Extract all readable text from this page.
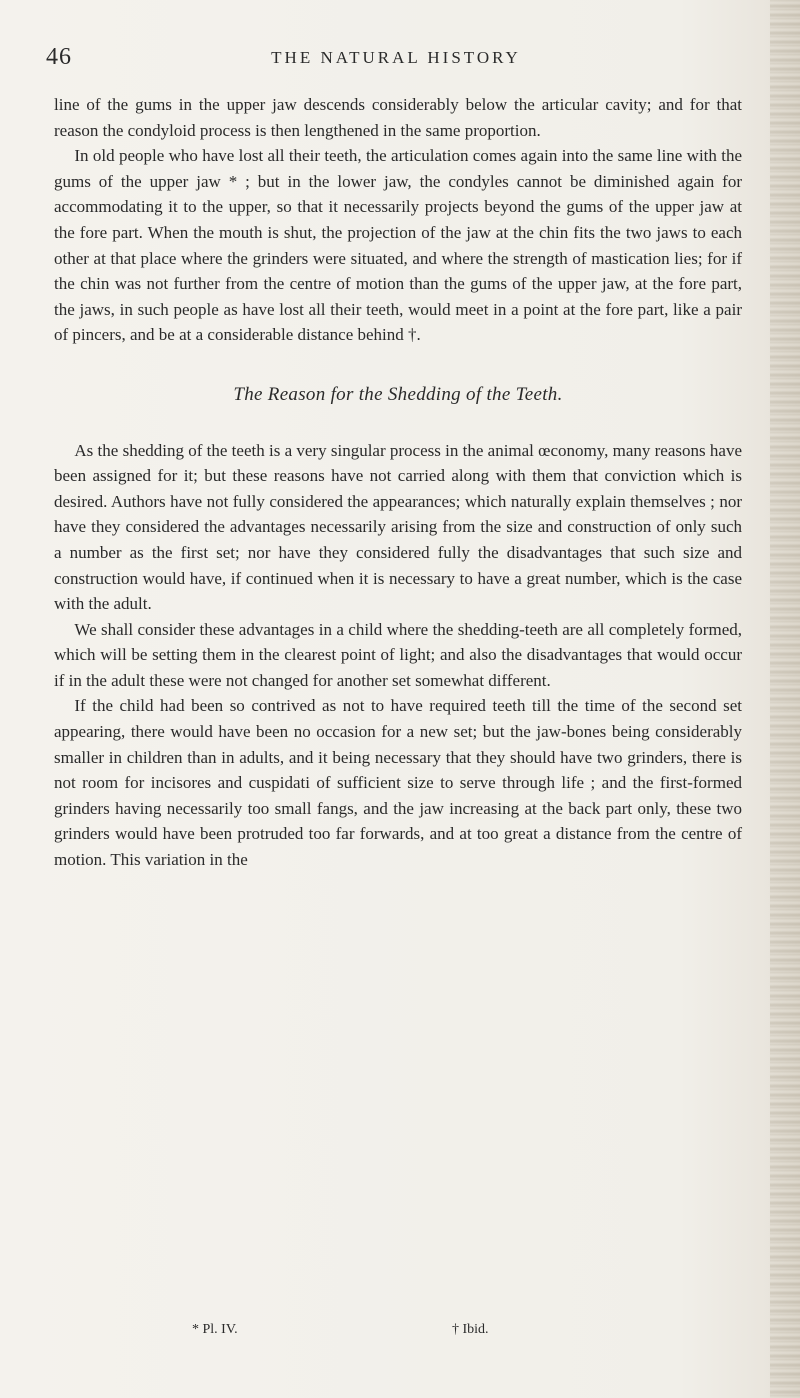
46	THE NATURAL HISTORY

line of the gums in the upper jaw descends considerably below the articular cavity; and for that reason the condyloid process is then lengthened in the same proportion.

In old people who have lost all their teeth, the articulation comes again into the same line with the gums of the upper jaw * ; but in the lower jaw, the condyles cannot be diminished again for accommodating it to the upper, so that it necessarily projects beyond the gums of the upper jaw at the fore part. When the mouth is shut, the projection of the jaw at the chin fits the two jaws to each other at that place where the grinders were situated, and where the strength of mastication lies; for if the chin was not further from the centre of motion than the gums of the upper jaw, at the fore part, the jaws, in such people as have lost all their teeth, would meet in a point at the fore part, like a pair of pincers, and be at a considerable distance behind †.

The Reason for the Shedding of the Teeth.

As the shedding of the teeth is a very singular process in the animal œconomy, many reasons have been assigned for it; but these reasons have not carried along with them that conviction which is desired. Authors have not fully considered the appearances; which naturally explain themselves ; nor have they considered the advantages necessarily arising from the size and construction of only such a number as the first set; nor have they considered fully the disadvantages that such size and construction would have, if continued when it is necessary to have a great number, which is the case with the adult.

We shall consider these advantages in a child where the shedding-teeth are all completely formed, which will be setting them in the clearest point of light; and also the disadvantages that would occur if in the adult these were not changed for another set somewhat different.

If the child had been so contrived as not to have required teeth till the time of the second set appearing, there would have been no occasion for a new set; but the jaw-bones being considerably smaller in children than in adults, and it being necessary that they should have two grinders, there is not room for incisores and cuspidati of sufficient size to serve through life ; and the first-formed grinders having necessarily too small fangs, and the jaw increasing at the back part only, these two grinders would have been protruded too far forwards, and at too great a distance from the centre of motion. This variation in the

* Pl. IV.	† Ibid.
